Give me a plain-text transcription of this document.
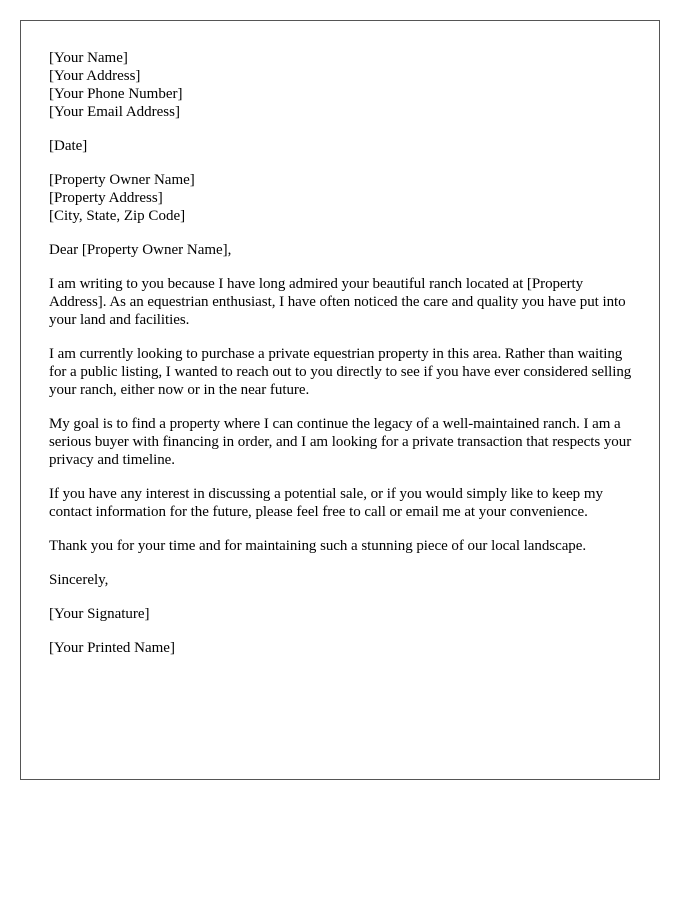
[Your Name]
[Your Address]
[Your Phone Number]
[Your Email Address]
[Date]
[Property Owner Name]
[Property Address]
[City, State, Zip Code]
Dear [Property Owner Name],

I am writing to you because I have long admired your beautiful ranch located at [Property Address]. As an equestrian enthusiast, I have often noticed the care and quality you have put into your land and facilities.

I am currently looking to purchase a private equestrian property in this area. Rather than waiting for a public listing, I wanted to reach out to you directly to see if you have ever considered selling your ranch, either now or in the near future.

My goal is to find a property where I can continue the legacy of a well-maintained ranch. I am a serious buyer with financing in order, and I am looking for a private transaction that respects your privacy and timeline.

If you have any interest in discussing a potential sale, or if you would simply like to keep my contact information for the future, please feel free to call or email me at your convenience.

Thank you for your time and for maintaining such a stunning piece of our local landscape.

Sincerely,
[Your Signature]
[Your Printed Name]
